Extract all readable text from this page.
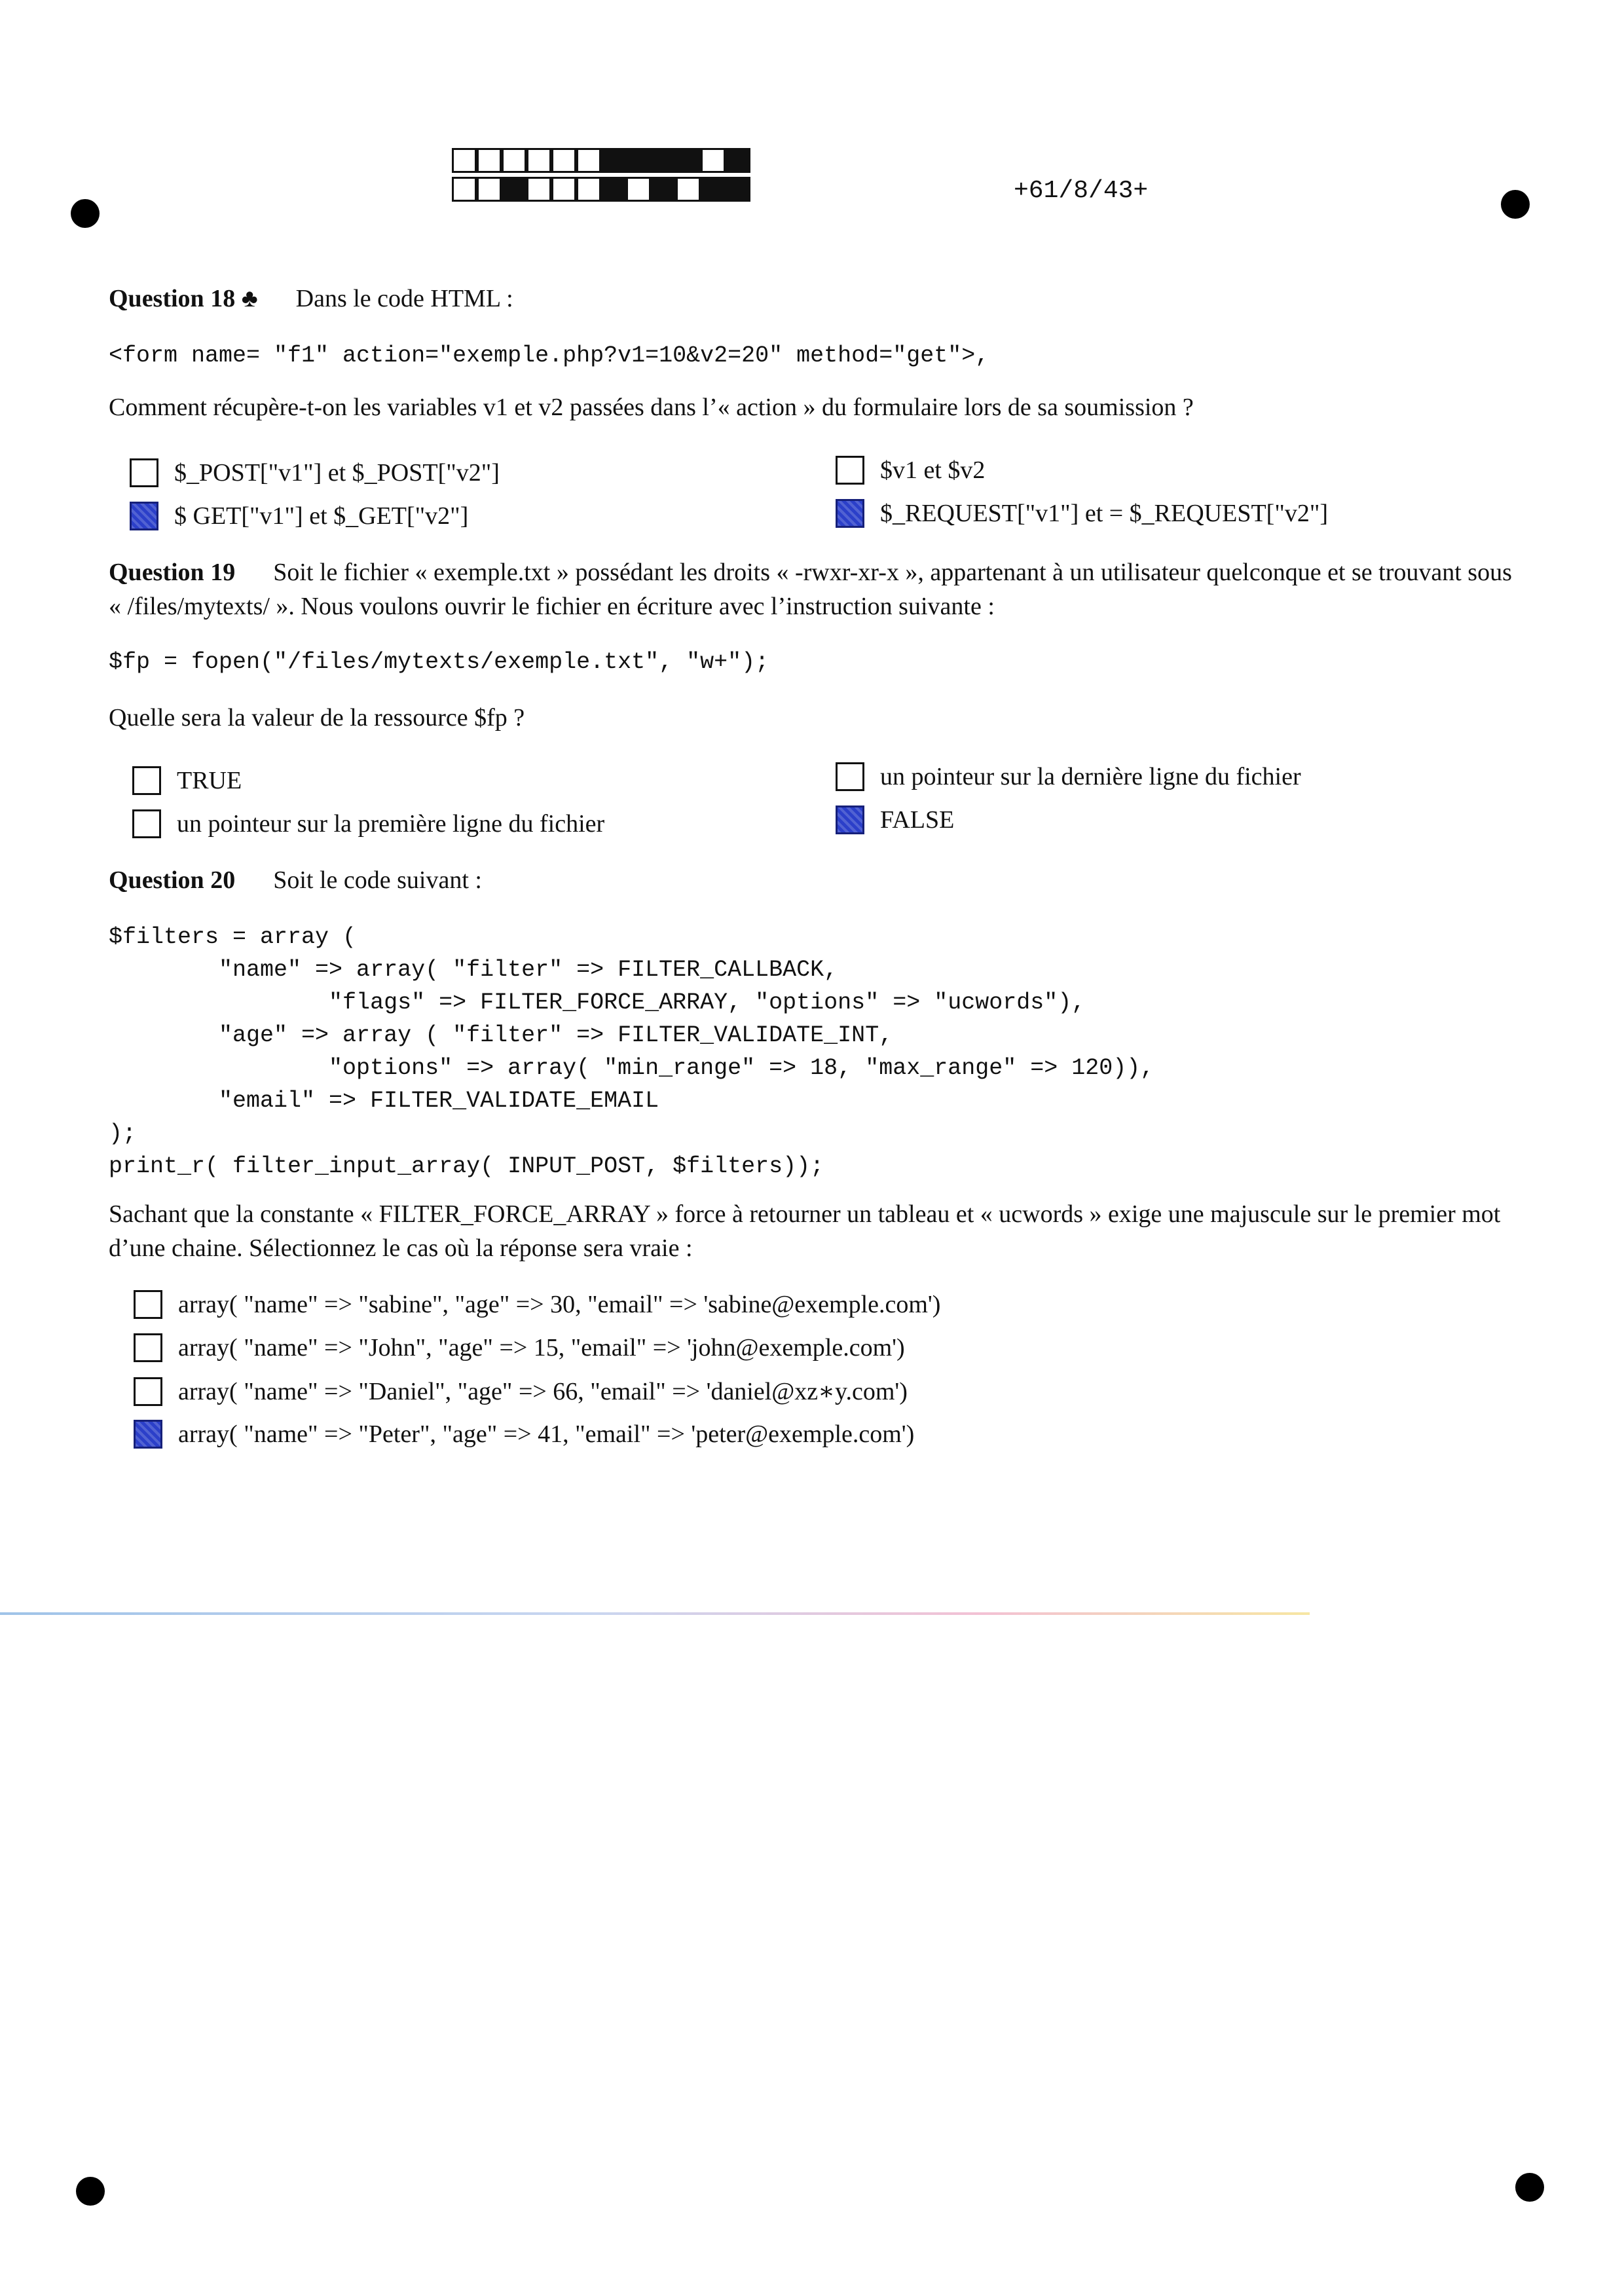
+61/8/43+
Question 18 ♣ Dans le code HTML :
<form name= "f1" action="exemple.php?v1=10&v2=20" method="get">,
Comment récupère-t-on les variables v1 et v2 passées dans l’« action » du formulaire lors de sa soumission ?
$_POST["v1"] et $_POST["v2"]
$ GET["v1"] et $_GET["v2"]
$v1 et $v2
$_REQUEST["v1"] et = $_REQUEST["v2"]
Question 19 Soit le fichier « exemple.txt » possédant les droits « -rwxr-xr-x », appartenant à un utilisateur quelconque et se trouvant sous « /files/mytexts/ ». Nous voulons ouvrir le fichier en écriture avec l’instruction suivante :
$fp = fopen("/files/mytexts/exemple.txt", "w+");
Quelle sera la valeur de la ressource $fp ?
TRUE
un pointeur sur la première ligne du fichier
un pointeur sur la dernière ligne du fichier
FALSE
Question 20 Soit le code suivant :
$filters = array (
"name" => array( "filter" => FILTER_CALLBACK,
"flags" => FILTER_FORCE_ARRAY, "options" => "ucwords"),
"age" => array ( "filter" => FILTER_VALIDATE_INT,
"options" => array( "min_range" => 18, "max_range" => 120)),
"email" => FILTER_VALIDATE_EMAIL
);
print_r( filter_input_array( INPUT_POST, $filters));
Sachant que la constante « FILTER_FORCE_ARRAY » force à retourner un tableau et « ucwords » exige une majuscule sur le premier mot d’une chaine. Sélectionnez le cas où la réponse sera vraie :
array( "name" => "sabine", "age" => 30, "email" => 'sabine@exemple.com')
array( "name" => "John", "age" => 15, "email" => 'john@exemple.com')
array( "name" => "Daniel", "age" => 66, "email" => 'daniel@xz∗y.com')
array( "name" => "Peter", "age" => 41, "email" => 'peter@exemple.com')
